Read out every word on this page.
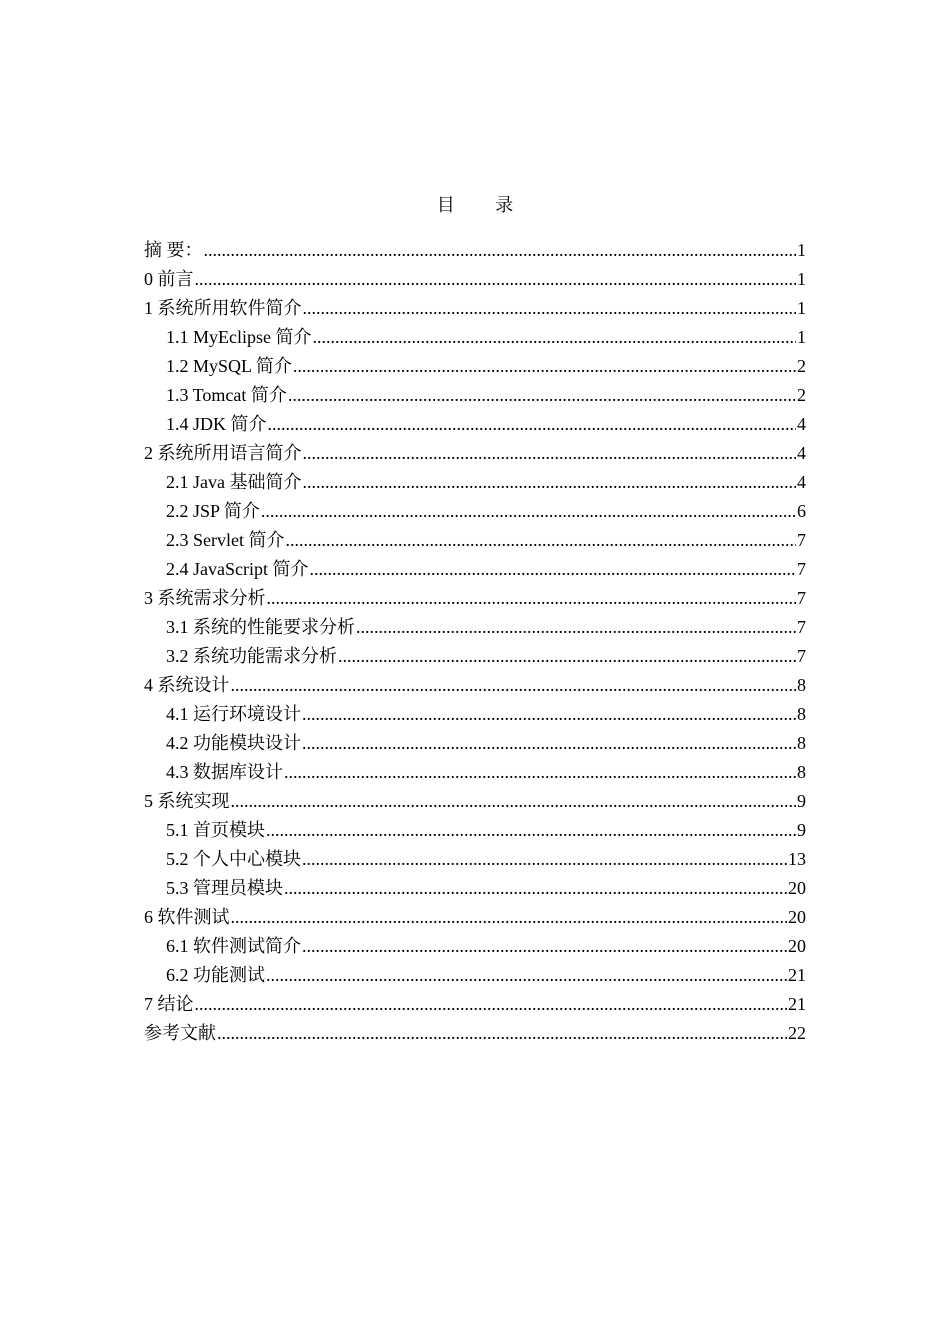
目 录
摘 要： .....	1
0 前言 .....	1
1 系统所用软件简介 .....	1
1.1 MyEclipse 简介 .....	1
1.2 MySQL 简介 .....	2
1.3 Tomcat 简介 .....	2
1.4 JDK 简介 .....	4
2 系统所用语言简介 .....	4
2.1 Java 基础简介 .....	4
2.2 JSP 简介 .....	6
2.3 Servlet 简介 .....	7
2.4 JavaScript 简介 .....	7
3 系统需求分析 .....	7
3.1 系统的性能要求分析 .....	7
3.2 系统功能需求分析 .....	7
4 系统设计 .....	8
4.1 运行环境设计 .....	8
4.2 功能模块设计 .....	8
4.3 数据库设计 .....	8
5 系统实现 .....	9
5.1 首页模块 .....	9
5.2 个人中心模块 .....	13
5.3 管理员模块 .....	20
6 软件测试 .....	20
6.1 软件测试简介 .....	20
6.2 功能测试 .....	21
7 结论 .....	21
参考文献 .....	22
